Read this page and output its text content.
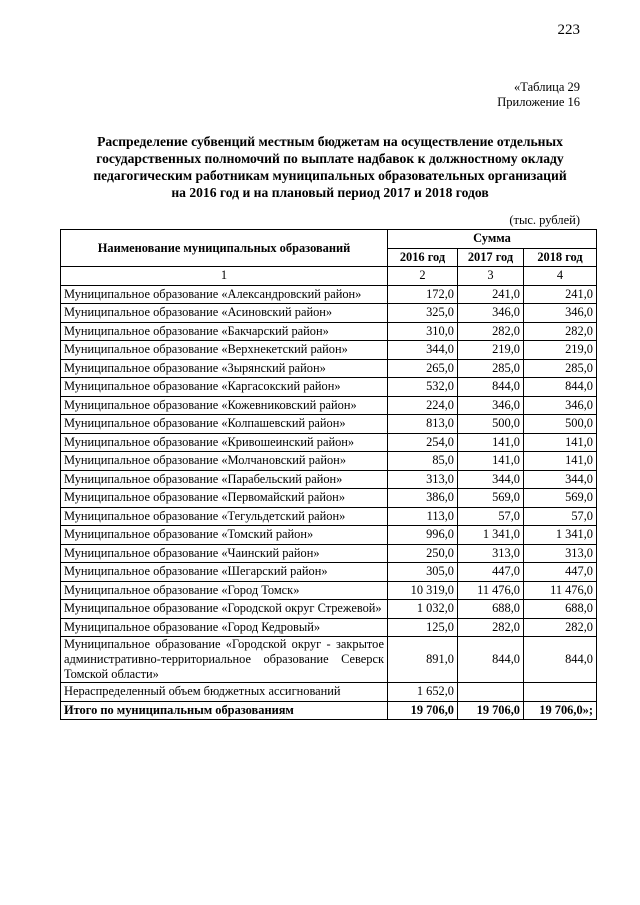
223
«Таблица 29
Приложение 16
Распределение субвенций местным бюджетам на осуществление отдельных
государственных полномочий по выплате надбавок к должностному окладу
педагогическим работникам муниципальных образовательных организаций
на 2016 год и на плановый период 2017 и 2018 годов
(тыс. рублей)
Наименование муниципальных образований	Сумма		
	2016 год	2017 год	2018 год
1	2	3	4
Муниципальное образование «Александровский район»	172,0	241,0	241,0
Муниципальное образование «Асиновский район»	325,0	346,0	346,0
Муниципальное образование «Бакчарский район»	310,0	282,0	282,0
Муниципальное образование «Верхнекетский район»	344,0	219,0	219,0
Муниципальное образование «Зырянский район»	265,0	285,0	285,0
Муниципальное образование «Каргасокский район»	532,0	844,0	844,0
Муниципальное образование «Кожевниковский район»	224,0	346,0	346,0
Муниципальное образование «Колпашевский район»	813,0	500,0	500,0
Муниципальное образование «Кривошеинский район»	254,0	141,0	141,0
Муниципальное образование «Молчановский район»	85,0	141,0	141,0
Муниципальное образование «Парабельский район»	313,0	344,0	344,0
Муниципальное образование «Первомайский район»	386,0	569,0	569,0
Муниципальное образование «Тегульдетский район»	113,0	57,0	57,0
Муниципальное образование «Томский район»	996,0	1 341,0	1 341,0
Муниципальное образование «Чаинский район»	250,0	313,0	313,0
Муниципальное образование «Шегарский район»	305,0	447,0	447,0
Муниципальное образование «Город Томск»	10 319,0	11 476,0	11 476,0
Муниципальное образование «Городской округ Стрежевой»	1 032,0	688,0	688,0
Муниципальное образование «Город Кедровый»	125,0	282,0	282,0
Муниципальное образование «Городской округ - закрытое административно-территориальное образование Северск Томской области»	891,0	844,0	844,0
Нераспределенный объем бюджетных ассигнований	1 652,0		
Итого по муниципальным образованиям	19 706,0	19 706,0	19 706,0»;
